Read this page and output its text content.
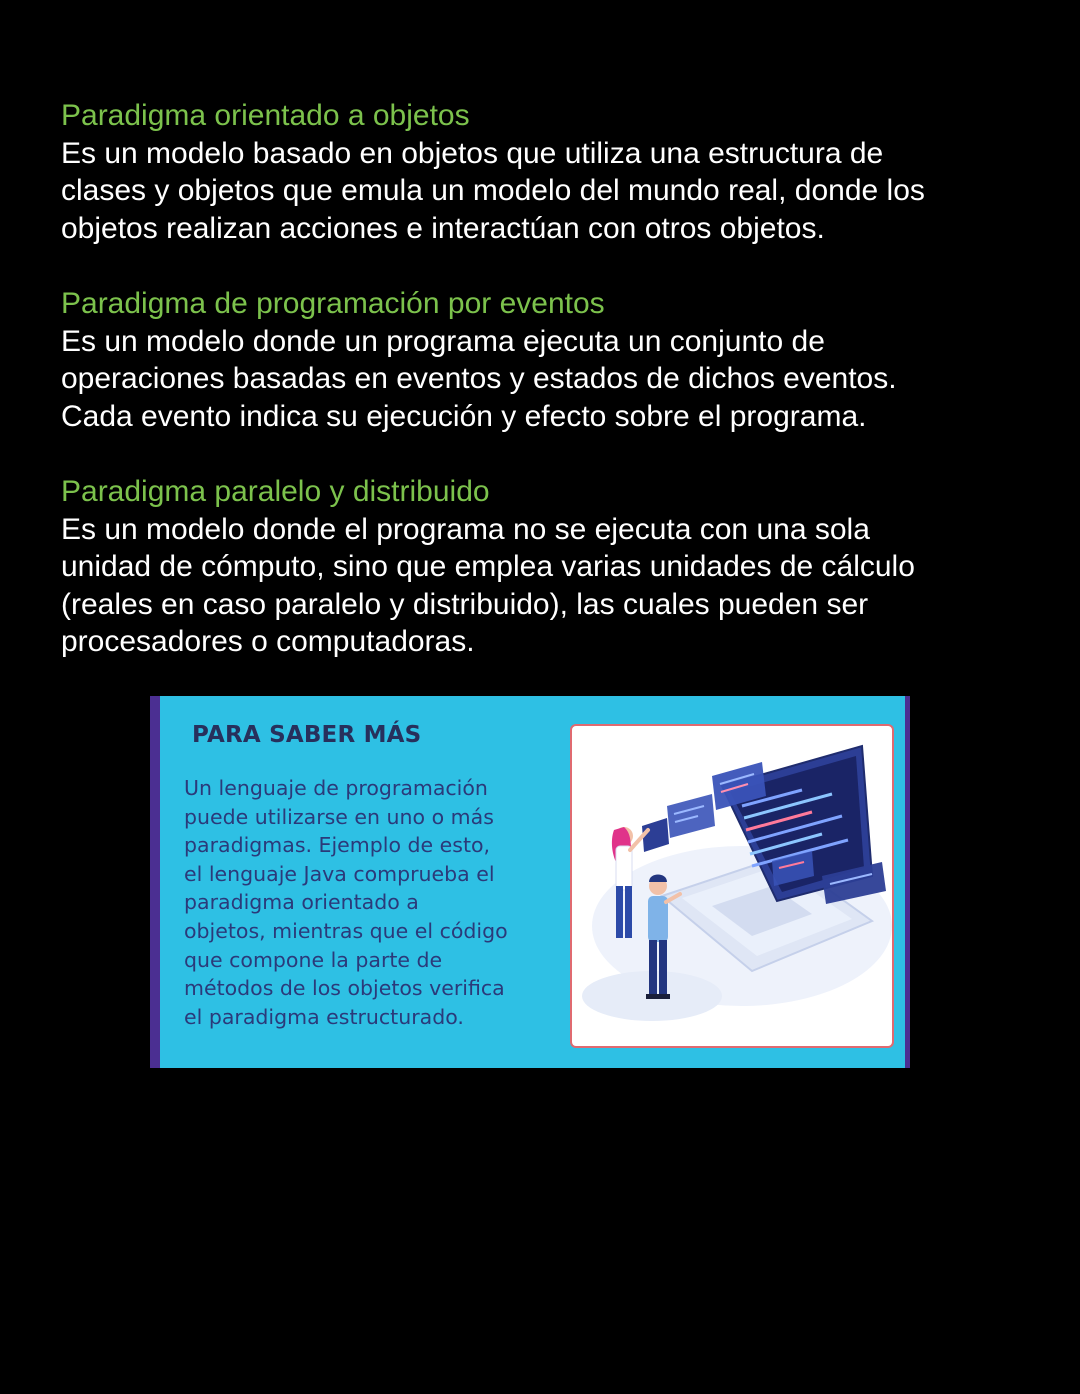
Paradigma orientado a objetos

Es un modelo basado en objetos que utiliza una estructura de
clases y objetos que emula un modelo del mundo real, donde los
objetos realizan acciones e interactúan con otros objetos.

Paradigma de programación por eventos

Es un modelo donde un programa ejecuta un conjunto de
operaciones basadas en eventos y estados de dichos eventos.
Cada evento indica su ejecución y efecto sobre el programa.

Paradigma paralelo y distribuido

Es un modelo donde el programa no se ejecuta con una sola
unidad de cómputo, sino que emplea varias unidades de cálculo
(reales en caso paralelo y distribuido), las cuales pueden ser
procesadores o computadoras.

PARA SABER MÁS

Un lenguaje de programación
puede utilizarse en uno o más
paradigmas. Ejemplo de esto,
el lenguaje Java comprueba el
paradigma orientado a
objetos, mientras que el código
que compone la parte de
métodos de los objetos verifica
el paradigma estructurado.
